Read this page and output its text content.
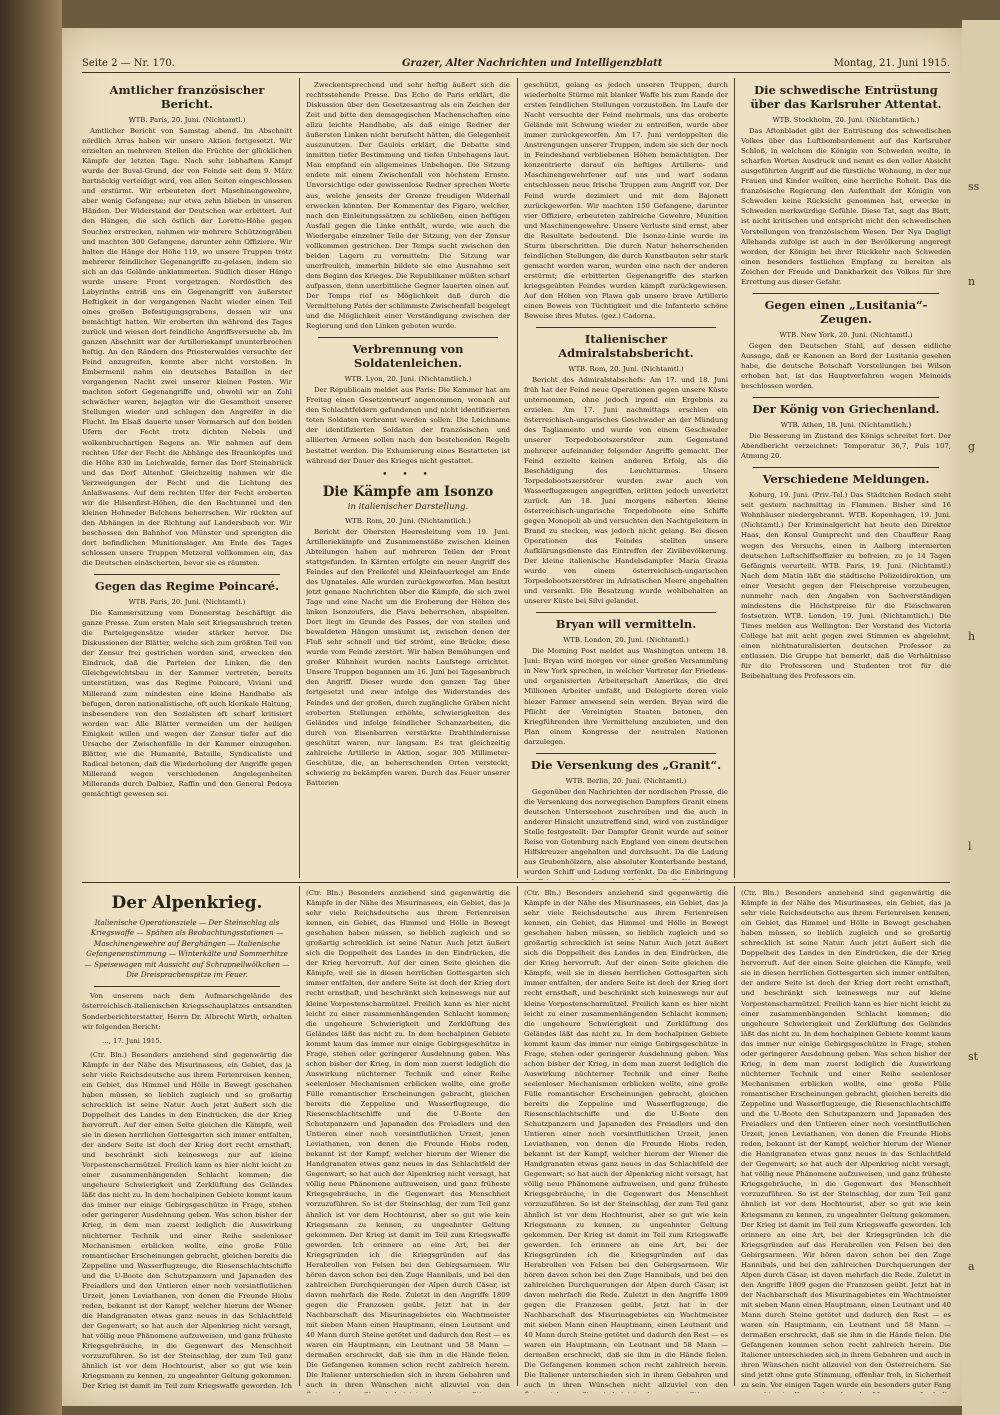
ss
n
g
h
l
st
a
Seite 2 — Nr. 170.	Grazer, Alter Nachrichten und Intelligenzblatt	Montag, 21. Juni 1915.
Amtlicher französischer Bericht.
WTB. Paris, 20. Juni. (Nichtamtl.)
Amtlicher Bericht von Samstag abend. Im Abschnitt nördlich Arras haben wir unsere Aktion fortgesetzt. Wir erzielten an mehreren Stellen die Früchte der glücklichen Kämpfe der letzten Tage. Nach sehr lebhaftem Kampf wurde der Buval-Grund, der von Feinde seit dem 9. März hartnäckig verteidigt wird, von allen Seiten eingeschlossen und erstürmt. Wir erbeuteten dort Maschinengewehre, aber wenig Gefangene; nur etwa zehn blieben in unseren Händen. Der Widerstand der Deutschen war erbittert. Auf den Hängen, die sich östlich der Loretto-Höhe gegen Souchez erstrecken, nahmen wir mehrere Schützengräben und machten 300 Gefangene, darunter zehn Offiziere. Wir halten die Hänge der Höhe 119, wo unsere Truppen trotz mehrerer feindlicher Gegenangriffe zu-gelasen, indem sie sich an das Gelände anklammerten. Südlich dieser Hänge wurde unsere Front vorgetragen. Nordöstlich des Labyrinths entriß uns ein Gegenangriff von äußerster Heftigkeit in der vergangenen Nacht wieder einen Teil eines großen Befestigungsgrabens, dessen wir uns bemächtigt hatten. Wir eroberten ihn während des Tages zurück und wiesen dort feindliche Angriffsversuche ab. Im ganzen Abschnitt war der Artilleriekampf ununterbrochen heftig. An den Rändern des Priesterwaldes versuchte der Feind anzugreifen, konnte aber nicht vorstoßen. In Embermenil nahm ein deutsches Bataillon in der vergangenen Nacht zwei unserer kleinen Posten. Wir machten sofort Gegenangriffe und, obwohl wir an Zahl schwächer waren, bejagten wir die Gesamtheit unserer Stellungen wieder und schlugen den Angreifer in die Flucht. Im Elsaß dauerte unser Vormarsch auf den beiden Ufern der Fecht trotz dichten Nebels und wolkenbruchartigen Regens an. Wir nahmen auf dem rechten Ufer der Fecht die Abhänge des Braunkopfes und die Höhe 830 im Leichwalde, ferner das Dorf Steinabrück und das Dorf Altenhof. Gleichzeitig nahmen wir die Verzweigungen der Fecht und die Lichtung des Anlaßwasens. Auf dem rechten Ufer der Fecht eroberten wir die Hilsenfirst-Höhen, die den Bachtunnel und den kleinen Hohneder Belchens beherrschen. Wir rückten auf den Abhängen in der Richtung auf Landersbach vor. Wir beschossen den Bahnhof von Münster und sprengten die dort befindlichen Munitionslager. Am Ende des Tages schlossen unsere Truppen Metzeral vollkommen ein, das die Deutschen einäscherten, bevor sie es räumten.
Gegen das Regime Poincaré.
WTB. Paris, 20. Juni. (Nichtamtl.)
Die Kammersitzung vom Donnerstag beschäftigt die ganze Presse. Zum ersten Male seit Kriegsausbruch treten die Parteigegensätze wieder stärker hervor. Die Diskussionen der Blätter, welche sich zum größten Teil von der Zensur frei gestrichen worden sind, erwecken den Eindruck, daß die Parteien der Linken, die den Gleichgewichtsbau in der Kammer vertreten, bereits unterstützen, was das Regime Poincaré, Viviani und Millerand zum mindesten eine kleine Handhabe als befugen, deren nationalistische, oft auch klerikale Haltung, insbesondere von den Sozialisten oft scharf kritisiert worden war. Alle Blätter vermeiden um der heiligen Einigkeit willen und wegen der Zensur tiefer auf die Ursache der Zwischenfälle in der Kammer einzugehen. Blätter, wie die Humanité, Bataille, Syndicaliste und Radical betonen, daß die Wiederholung der Angriffe gegen Millerand wegen verschiedenen Angelegenheiten Millerands durch Dalbiez, Raffin und den General Pedoya gemächtigt gewesen sei.
Zweckentsprechend und sehr heftig äußert sich die rechtsstehende Presse. Das Echo de Paris erklärt, die Diskussion über den Gesetzesantrag als ein Zeichen der Zeit und bitte den demagogischen Machenschaften eine allzu leichte Handhabe, als daß einige Redner der äußersten Linken nicht berufscht hätten, die Gelegenheit auszunutzen. Der Gaulois erklärt, die Debatte sind inmitten tiefer Bestimmung und tiefen Unbehagens laut. Man empfand ein allgemeines Unbehagen. Die Sitzung endete mit einem Zwischenfall von höchstem Ernste. Unvorsichtige oder gewissenlose Redner sprechen Worte aus, welche jenseits der Grenze freudigen Widerhall erwecken könnten. Der Kommentar des Figaro, welcher, nach den Einleitungssätzen zu schließen, einen heftigen Ausfall gegen die Linke enthält, wurde, wie auch die Wiedergabe einzelner Teile der Sitzung, von der Zensur vollkommen gestrichen. Der Temps sucht zwischen den beiden Lagern zu vermitteln: Die Sitzung war unerfreulich, immerhin bildete sie eine Ausnahme seit dem Beginn des Krieges. Die Republikaner müßten scharf aufpassen, denn unerbittliche Gegner lauerten einen auf. Der Temps rief es Möglichkeit daß durch die Vermittelung Patés der schlimmste Zwischenfall beigelegt und die Möglichkeit einer Verständigung zwischen der Regierung und den Linken geboten wurde.
Verbrennung von Soldatenleichen.
WTB. Lyon, 20. Juni. (Nichtamtlich.)
Der Républicain meldet aus Paris: Die Kammer hat am Freitag einen Gesetzentwurf angenommen, wonach auf den Schlachtfeldern gefundenen und nicht identifizierten toten Soldaten verbrannt werden sollen. Die Leichname der identifizierten Soldaten der französischen und alliierten Armeen sollen nach den bestehenden Regeln bestattet werden. Die Exhumierung eines Bestatteten ist während der Dauer des Krieges nicht gestattet.
• • •
Die Kämpfe am Isonzo
in italienischer Darstellung.
WTB. Rom, 20. Juni. (Nichtamtlich.)
Bericht der Obersten Heeresleitung vom 19. Juni. Artilleriekämpfe und Zusammenstöße zwischen kleinen Abteilungen haben auf mehreren Teilen der Front stattgefunden. In Kärnten erfolgte ein neuer Angriff des Feindes auf den Freikofel und Kleinfauerkogel am Ende des Ugnatales. Alle wurden zurückgeworfen. Man besitzt jetzt genaue Nachrichten über die Kämpfe, die sich zwei Tage und eine Nacht um die Eroberung der Höhen des linken Isonzoufers, die Plava beherrschen, abspielten. Dort liegt im Grunde des Passes, der von steilen und bewaldeten Hängen umsäumt ist, zwischen denen der Fluß sehr schnell und tief strömt, eine Brücke; diese wurde vom Feinde zerstört. Wir haben Bemühungen und großer Kühnheit wurden nachts Laufstege errichtet. Unsere Truppen begannen am 16. Juni bei Tagesanbruch den Angriff. Dieser wurde den ganzen Tag über fortgesetzt und zwar infolge des Widerstandes des Feindes und der großen, durch zugängliche Gräben nicht eroberten Stellungen erhöhte, schwierigkeiten des Geländes und infolge feindlicher Schanzarbeiten, die durch von Eisenbarren verstärkte Drahthindernisse geschützt waren, nur langsam. Es trat gleichzeitig zahlreiche Artillerie in Aktion, sogar 305 Millimeter-Geschütze, die, an beherrschenden Orten versteckt, schwierig zu bekämpfen waren. Durch das Feuer unserer Batterien
geschützt, gelang es jedoch unseren Truppen, durch wiederholte Stürme mit blanker Waffe bis zum Rande der ersten feindlichen Stellungen vorzustoßen. Im Laufe der Nacht versuchte der Feind mehrmals, uns das eroberte Gelände mit Schwung wieder zu entreißen, wurde aber immer zurückgeworfen. Am 17. Juni verdoppelten die Anstrengungen unserer Truppen, indem sie sich der noch in Feindeshand verbliebenen Höhen bemächtigten. Der konzentrierte darauf ein heftiges Artillerie- und Maschinengewehrfeuer auf uns und warf sodann entschlossen neue frische Truppen zum Angriff vor. Der Feind wurde dezimiert und mit dem Bajonett zurückgeworfen. Wir machten 150 Gefangene, darunter vier Offiziere, erbeuteten zahlreiche Gewehre, Munition und Maschinengewehre. Unsere Verluste sind ernst, aber die Resultate bedeutend. Die Isonzo-Linie wurde im Sturm überschritten. Die durch Natur beherrschenden feindlichen Stellungen, die durch Kunstbauten sehr stark gemacht worden waren, wurden eine nach der anderen erstürmt; die erbitterten Gegenangriffe des starken kriegsgeübten Feindes wurden kämpft zurückgewiesen. Auf den Höhen von Plawa gab unsere brave Artillerie einen Beweis von Tüchtigkeit und die Infanterie schöne Beweise ihres Mutes. (gez.) Cadorna.
Italienischer Admiralstabsbericht.
WTB. Rom, 20. Juni. (Nichtamtl.)
Bericht des Admiralstabschefs: Am 17. und 18. Juni früh hat der Feind neue Operationen gegen unsere Küste unternommen, ohne jedoch irgend ein Ergebnis zu erzielen. Am 17. Juni nachmittags erschien ein österreichisch-ungarisches Geschwader an der Mündung des Tagliamento und wurde von einem Geschwader unserer Torpedobootszerstörer zum Gegenstand mehrerer aufeinander folgender Angriffe gemacht. Der Feind erzielte keinen anderen Erfolg, als die Beschädigung des Leuchtturmes. Unsere Torpedobootszerstörer wurden zwar auch von Wasserflugzeugen angegriffen, erlitten jedoch unverletzt zurück. Am 18. Juni morgens näherten kleine österreichisch-ungarische Torpedoboote eine Schiffe gegen Monopoli ab und versuchten den Nachtgeleitern in Brand zu stecken, was jedoch nicht gelang. Bei diesen Operationen des Feindes stellten unsere Aufklärungsdienste das Eintreffen der Zivilbevölkerung. Der kleine italienische Handelsdampfer Maria Grazia wurde von einem österreichisch-ungarischen Torpedobootszerstörer im Adriatischen Meere angehalten und versenkt. Die Besatzung wurde wohlbehalten an unserer Küste bei Silvi gelandet.
Bryan will vermitteln.
WTB. London, 20. Juni. (Nichtamtl.)
Die Morning Post meldet aus Washington unterm 18. Juni: Bryan wird morgen vor einer großen Versammlung in New York sprechen, in welcher Vertreter der Friedens- und organisierten Arbeiterschaft Amerikas, die drei Millionen Arbeiter umfaßt, und Delegierte deren viele hiezer Farmer anwesend sein werden. Bryan wird die Pflicht der Vereinigten Staaten betonen, den Kriegführenden ihre Vermittelung anzubieten, und den Plan einem Kongresse der neutralen Nationen darzulegen.
Die Versenkung des „Granit“.
WTB. Berlin, 20. Juni. (Nichtamtl.)
Gegenüber den Nachrichten der nordischen Presse, die die Versenkung des norwegischen Dampfers Granit einem deutschen Unterseeboot zuschreiben und die auch in anderer Hinsicht unzutreffend sind, wird von zuständiger Stelle festgestellt: Der Dampfer Granit wurde auf seiner Reise von Gotenburg nach England von einem deutschen Hilfskreuzer angehalten und durchsucht. Da die Ladung aus Grubenhölzern, also absoluter Konterbande bestand, wurden Schiff und Ladung verfenkt. Da die Einbringung
Die schwedische Entrüstung über das Karlsruher Attentat.
WTB. Stockholm, 20. Juni. (Nichtamtlich.)
Das Aftonbladet gibt der Entrüstung des schwedischen Volkes über das Luftbombardement auf das Karlsruher Schloß, in welchem die Königin von Schweden weilte, in scharfen Worten Ausdruck und nennt es den voller Absicht ausgeführten Angriff auf die fürstliche Wohnung, in der nur Frauen und Kinder weilten, eine herrliche Roheit. Das die französische Regierung den Aufenthalt der Königin von Schweden keine Rücksicht genommen hat, erwecke in Schweden merkwürdige Gefühle. Diese Tat, sagt das Blatt, ist nicht kritischen und entspricht nicht den schwedischen Vorstellungen von französischem Wesen. Der Nya Dagligt Allehanda zufolge ist auch in der Bevölkerung angeregt worden, der Königin bei ihrer Rückkehr nach Schweden einen besonders festlichen Empfang zu bereiten als Zeichen der Freude und Dankbarkeit des Volkes für ihre Errettung aus dieser Gefahr.
Gegen einen „Lusitania“-Zeugen.
WTB. New York, 20. Juni. (Nichtamtl.)
Gegen den Deutschen Stahl, auf dessen eidliche Aussage, daß er Kanonen an Bord der Lusitania gesehen habe, die deutsche Botschaft Vorstellungen bei Wilson erhoben hat, ist das Hauptverfahren wegen Meineids beschlossen worden.
Der König von Griechenland.
WTB. Athen, 18. Juni. (Nichtamtlich.)
Die Besserung im Zustand des Königs schreitet fort. Der Abendbericht verzeichnet: Temperatur 36,7, Puls 107, Atmung 20.
Verschiedene Meldungen.
Koburg, 19. Juni. (Priv.-Tel.) Das Städtchen Rodach steht seit gestern nachmittag in Flammen. Bisher sind 16 Wohnhäuser niedergebrannt. WTB. Kopenhagen, 19. Juni. (Nichtamtl.) Der Kriminalgericht hat heute den Direktor Haas, den Konsul Gumprecht und den Chauffeur Raag wegen des Versuchs, einen in Aalborg internierten deutschen Luftschiffsoffizier zu befreien, zu je 14 Tagen Gefängnis verurteilt. WTB. Paris, 19. Juni. (Nichtamtl.) Nach dem Matin läßt die städtische Polizeidirektion, um einer Vorsicht gegen der Fleischpreise vorzubeugen, nunmehr nach den Angaben von Sachverständigen mindestens die Höchstpreise für die Fleischwaren festsetzen. WTB. London, 19. Juni. (Nichtamtlich.) Die Times melden aus Wellington: Der Vorstand des Victoria College hat mit acht gegen zwei Stimmen es abgelehnt, einen nichtnaturalisierten deutschen Professor zu entlassen. Die Gruppe hat bemerkt, daß die Verhältnisse für die Professoren und Studenten trot für die Beibehaltung des Professors ein.
Der Alpenkrieg.
Italienische Operationsziele — Der Steinschlag als Kriegswaffe — Spähen als Beobachtungsstationen — Maschinengewehre auf Berghängen — Italienische Gefangenenstimmung — Winterkälte und Sommerhitze — Speisewagen mit Aussicht auf Schrapnellwölkchen — Die Dreisprachenspitze im Feuer.
Von unserem nach dem Aufmarschgelände des österreichisch-italienischen Kriegsschauplatzes entsandten Sonderberichterstatter, Herrn Dr. Albrecht Wirth, erhalten wir folgenden Bericht:
..., 17. Juni 1915.
(Ctr. Bln.) Besonders anziehend sind gegenwärtig die Kämpfe in der Nähe des Misurinasees, ein Gebiet, das ja sehr viele Reichsdeutsche aus ihrem Ferienreisen kennen, ein Gebiet, das Himmel und Hölle in Bewegt geschahen haben müssen, so lieblich zugleich und so großartig schrecklich ist seine Natur. Auch jetzt äußert sich die Doppelheit des Landes in den Eindrücken, die der Krieg hervorruft. Auf der einen Seite gleichen die Kämpfe, weil sie in diesen herrlichen Gottesgarten sich immer entfalten, der andere Seite ist doch der Krieg dort recht ernsthaft, und beschränkt sich keineswegs nur auf kleine Vorpostenscharmützel. Freilich kann es hier nicht leicht zu einer zusammenhängenden Schlacht kommen; die ungeheure Schwierigkeit und Zerklüftung des Geländes läßt das nicht zu. In dem hochalpinen Gebiete kommt kaum das immer nur einige Gebirgsgeschütze in Frage, stehen oder geringerer Ausdehnung geben. Was schon bisher der Krieg, in dem man zuerst lediglich die Auswirkung nüchterner Technik und einer Reihe seelenloser Mechanismen erblicken wollte, eine große Fülle romantischer Erscheinungen gebracht, gleichen bereits die Zeppeline und Wasserflugzeuge, die Riesenschlachtschiffe und die U-Boote den Schutzpanzern und Japanaden des Freiadlers und den Untieren einer noch vorsintflutlichen Urzeit, jenen Leviathanen, von denen die Freunde Hiobs reden, bekannt ist der Kampf, welcher hierum der Wiener die Handgranaten etwas ganz neues in das Schlachtfeld der Gegenwart; so hat auch der Alpenkrieg nicht versagt, hat völlig neue Phänomene aufzuweisen, und ganz früheste Kriegsgebräuche, in die Gegenwart des Menschheit vorzuzuführen. So ist der Steinschlag, der zum Teil ganz ähnlich ist vor dem Hochtourist, aber so gut wie kein Kriegsmann zu kennen, zu ungeahnter Geltung gekommen. Der Krieg ist damit im Teil zum Kriegswaffe geworden. Ich
(Ctr. Bln.) Besonders anziehend sind gegenwärtig die Kämpfe in der Nähe des Misurinasees, ein Gebiet, das ja sehr viele Reichsdeutsche aus ihrem Ferienreisen kennen, ein Gebiet, das Himmel und Hölle in Bewegt geschahen haben müssen, so lieblich zugleich und so großartig schrecklich ist seine Natur. Auch jetzt äußert sich die Doppelheit des Landes in den Eindrücken, die der Krieg hervorruft. Auf der einen Seite gleichen die Kämpfe, weil sie in diesen herrlichen Gottesgarten sich immer entfalten, der andere Seite ist doch der Krieg dort recht ernsthaft, und beschränkt sich keineswegs nur auf kleine Vorpostenscharmützel. Freilich kann es hier nicht leicht zu einer zusammenhängenden Schlacht kommen; die ungeheure Schwierigkeit und Zerklüftung des Geländes läßt das nicht zu. In dem hochalpinen Gebiete kommt kaum das immer nur einige Gebirgsgeschütze in Frage, stehen oder geringerer Ausdehnung geben. Was schon bisher der Krieg, in dem man zuerst lediglich die Auswirkung nüchterner Technik und einer Reihe seelenloser Mechanismen erblicken wollte, eine große Fülle romantischer Erscheinungen gebracht, gleichen bereits die Zeppeline und Wasserflugzeuge, die Riesenschlachtschiffe und die U-Boote den Schutzpanzern und Japanaden des Freiadlers und den Untieren einer noch vorsintflutlichen Urzeit, jenen Leviathanen, von denen die Freunde Hiobs reden, bekannt ist der Kampf, welcher hierum der Wiener die Handgranaten etwas ganz neues in das Schlachtfeld der Gegenwart; so hat auch der Alpenkrieg nicht versagt, hat völlig neue Phänomene aufzuweisen, und ganz früheste Kriegsgebräuche, in die Gegenwart des Menschheit vorzuzuführen. So ist der Steinschlag, der zum Teil ganz ähnlich ist vor dem Hochtourist, aber so gut wie kein Kriegsmann zu kennen, zu ungeahnter Geltung gekommen. Der Krieg ist damit im Teil zum Kriegswaffe geworden. Ich erinnere an eine Art, bei der Kriegsgründen ich die Kriegsgründen auf das Herabrollen von Felsen bei den Gebirgsarmeen. Wir hören davon schon bei den Zuge Hannibals, und bei den zahlreichen Durchquerungen der Alpen durch Cäsar, ist davon mehrfach die Rede. Zuletzt in den Angriffe 1809 gegen die Franzosen geübt. Jetzt hat in der Nachbarschaft des Misurinagebietes ein Wachtmeister mit sieben Mann einen Hauptmann, einen Leutnant und 40 Mann durch Steine getötet und dadurch den Rest — es waren ein Hauptmann, ein Leutnant und 58 Mann — dermaßen erschreckt, daß sie ihm in die Hände fielen. Die Gefangenen kommen schon recht zahlreich herein. Die Italiener unterschieden sich in ihrem Gebahren und auch in ihren Wünschen nicht allzuviel von den
(Ctr. Bln.) Besonders anziehend sind gegenwärtig die Kämpfe in der Nähe des Misurinasees, ein Gebiet, das ja sehr viele Reichsdeutsche aus ihrem Ferienreisen kennen, ein Gebiet, das Himmel und Hölle in Bewegt geschahen haben müssen, so lieblich zugleich und so großartig schrecklich ist seine Natur. Auch jetzt äußert sich die Doppelheit des Landes in den Eindrücken, die der Krieg hervorruft. Auf der einen Seite gleichen die Kämpfe, weil sie in diesen herrlichen Gottesgarten sich immer entfalten, der andere Seite ist doch der Krieg dort recht ernsthaft, und beschränkt sich keineswegs nur auf kleine Vorpostenscharmützel. Freilich kann es hier nicht leicht zu einer zusammenhängenden Schlacht kommen; die ungeheure Schwierigkeit und Zerklüftung des Geländes läßt das nicht zu. In dem hochalpinen Gebiete kommt kaum das immer nur einige Gebirgsgeschütze in Frage, stehen oder geringerer Ausdehnung geben. Was schon bisher der Krieg, in dem man zuerst lediglich die Auswirkung nüchterner Technik und einer Reihe seelenloser Mechanismen erblicken wollte, eine große Fülle romantischer Erscheinungen gebracht, gleichen bereits die Zeppeline und Wasserflugzeuge, die Riesenschlachtschiffe und die U-Boote den Schutzpanzern und Japanaden des Freiadlers und den Untieren einer noch vorsintflutlichen Urzeit, jenen Leviathanen, von denen die Freunde Hiobs reden, bekannt ist der Kampf, welcher hierum der Wiener die Handgranaten etwas ganz neues in das Schlachtfeld der Gegenwart; so hat auch der Alpenkrieg nicht versagt, hat völlig neue Phänomene aufzuweisen, und ganz früheste Kriegsgebräuche, in die Gegenwart des Menschheit vorzuzuführen. So ist der Steinschlag, der zum Teil ganz ähnlich ist vor dem Hochtourist, aber so gut wie kein Kriegsmann zu kennen, zu ungeahnter Geltung gekommen. Der Krieg ist damit im Teil zum Kriegswaffe geworden. Ich erinnere an eine Art, bei der Kriegsgründen ich die Kriegsgründen auf das Herabrollen von Felsen bei den Gebirgsarmeen. Wir hören davon schon bei den Zuge Hannibals, und bei den zahlreichen Durchquerungen der Alpen durch Cäsar, ist davon mehrfach die Rede. Zuletzt in den Angriffe 1809 gegen die Franzosen geübt. Jetzt hat in der Nachbarschaft des Misurinagebietes ein Wachtmeister mit sieben Mann einen Hauptmann, einen Leutnant und 40 Mann durch Steine getötet und dadurch den Rest — es waren ein Hauptmann, ein Leutnant und 58 Mann — dermaßen erschreckt, daß sie ihm in die Hände fielen. Die Gefangenen kommen schon recht zahlreich herein. Die Italiener unterschieden sich in ihrem Gebahren und auch in ihren Wünschen nicht allzuviel von den
(Ctr. Bln.) Besonders anziehend sind gegenwärtig die Kämpfe in der Nähe des Misurinasees, ein Gebiet, das ja sehr viele Reichsdeutsche aus ihrem Ferienreisen kennen, ein Gebiet, das Himmel und Hölle in Bewegt geschahen haben müssen, so lieblich zugleich und so großartig schrecklich ist seine Natur. Auch jetzt äußert sich die Doppelheit des Landes in den Eindrücken, die der Krieg hervorruft. Auf der einen Seite gleichen die Kämpfe, weil sie in diesen herrlichen Gottesgarten sich immer entfalten, der andere Seite ist doch der Krieg dort recht ernsthaft, und beschränkt sich keineswegs nur auf kleine Vorpostenscharmützel. Freilich kann es hier nicht leicht zu einer zusammenhängenden Schlacht kommen; die ungeheure Schwierigkeit und Zerklüftung des Geländes läßt das nicht zu. In dem hochalpinen Gebiete kommt kaum das immer nur einige Gebirgsgeschütze in Frage, stehen oder geringerer Ausdehnung geben. Was schon bisher der Krieg, in dem man zuerst lediglich die Auswirkung nüchterner Technik und einer Reihe seelenloser Mechanismen erblicken wollte, eine große Fülle romantischer Erscheinungen gebracht, gleichen bereits die Zeppeline und Wasserflugzeuge, die Riesenschlachtschiffe und die U-Boote den Schutzpanzern und Japanaden des Freiadlers und den Untieren einer noch vorsintflutlichen Urzeit, jenen Leviathanen, von denen die Freunde Hiobs reden, bekannt ist der Kampf, welcher hierum der Wiener die Handgranaten etwas ganz neues in das Schlachtfeld der Gegenwart; so hat auch der Alpenkrieg nicht versagt, hat völlig neue Phänomene aufzuweisen, und ganz früheste Kriegsgebräuche, in die Gegenwart des Menschheit vorzuzuführen. So ist der Steinschlag, der zum Teil ganz ähnlich ist vor dem Hochtourist, aber so gut wie kein Kriegsmann zu kennen, zu ungeahnter Geltung gekommen. Der Krieg ist damit im Teil zum Kriegswaffe geworden. Ich erinnere an eine Art, bei der Kriegsgründen ich die Kriegsgründen auf das Herabrollen von Felsen bei den Gebirgsarmeen. Wir hören davon schon bei den Zuge Hannibals, und bei den zahlreichen Durchquerungen der Alpen durch Cäsar, ist davon mehrfach die Rede. Zuletzt in den Angriffe 1809 gegen die Franzosen geübt. Jetzt hat in der Nachbarschaft des Misurinagebietes ein Wachtmeister mit sieben Mann einen Hauptmann, einen Leutnant und 40 Mann durch Steine getötet und dadurch den Rest — es waren ein Hauptmann, ein Leutnant und 58 Mann — dermaßen erschreckt, daß sie ihm in die Hände fielen. Die Gefangenen kommen schon recht zahlreich herein. Die Italiener unterschieden sich in ihrem Gebahren und auch in ihren Wünschen nicht allzuviel von den Österreichern. Sie sind jetzt ohne gute Stimmung, offenbar froh, in Sicherheit zu sein. Vor einigen Tagen wurde ein besonders guter Fang
